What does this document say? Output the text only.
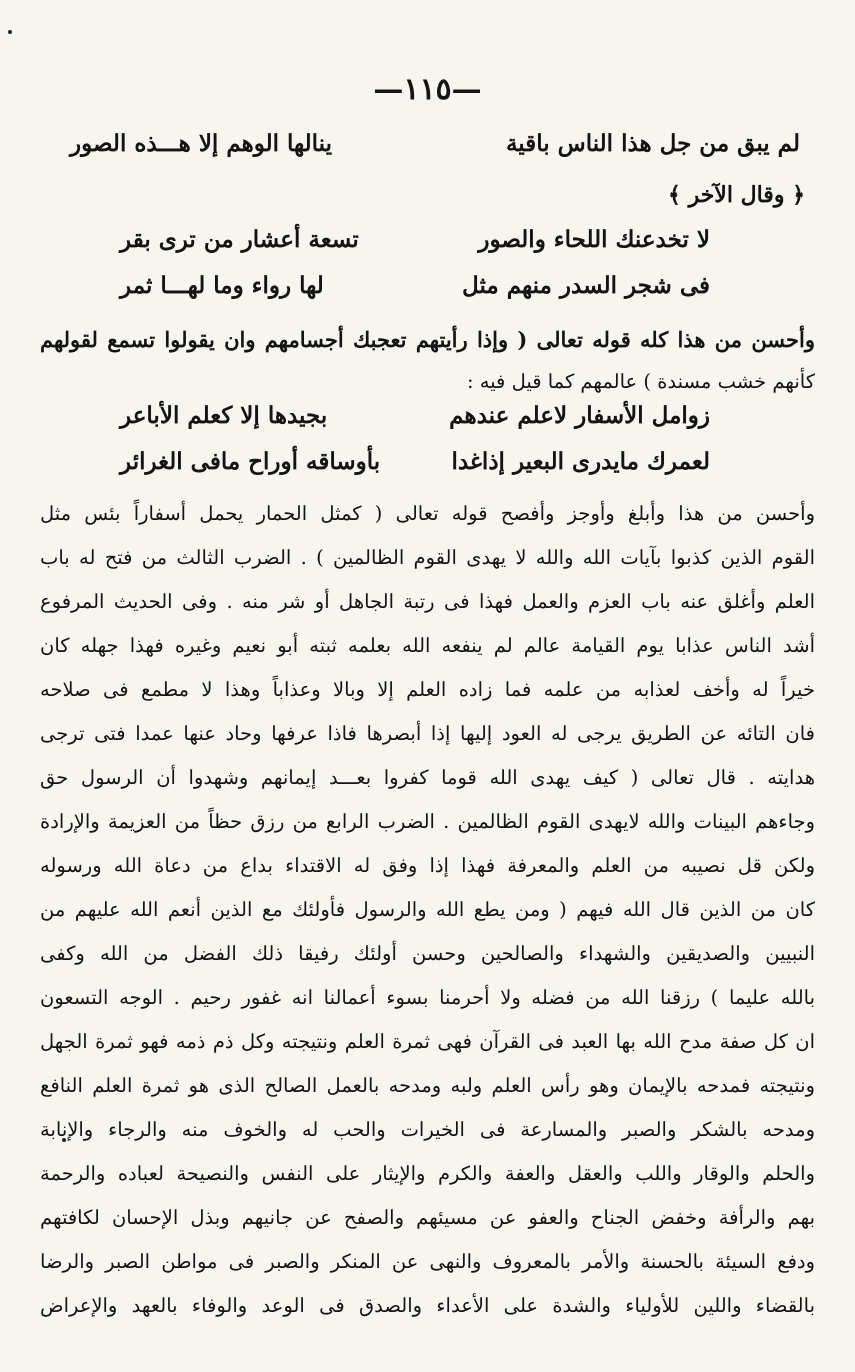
—١١٥—
لم يبق من جل هذا الناس باقية
ينالها الوهم إلا هـــذه الصور
﴿ وقال الآخر ﴾
لا تخدعنك اللحاء والصور
تسعة أعشار من ترى بقر
فى شجر السدر منهم مثل
لها رواء وما لهـــا ثمر
وأحسن من هذا كله قوله تعالى ( وإذا رأيتهم تعجبك أجسامهم وان يقولوا تسمع لقولهم
كأنهم خشب مسندة ) عالمهم كما قيل فيه :
زوامل الأسفار لاعلم عندهم
بجيدها إلا كعلم الأباعر
لعمرك مايدرى البعير إذاغدا
بأوساقه أوراح مافى الغرائر
وأحسن من هذا وأبلغ وأوجز وأفصح قوله تعالى ( كمثل الحمار يحمل أسفاراً بئس مثل
القوم الذين كذبوا بآيات الله والله لا يهدى القوم الظالمين ) . الضرب الثالث من فتح له باب
العلم وأغلق عنه باب العزم والعمل فهذا فى رتبة الجاهل أو شر منه . وفى الحديث المرفوع
أشد الناس عذابا يوم القيامة عالم لم ينفعه الله بعلمه ثبته أبو نعيم وغيره فهذا جهله كان
خيراً له وأخف لعذابه من علمه فما زاده العلم إلا وبالا وعذاباً وهذا لا مطمع فى صلاحه
فان التائه عن الطريق يرجى له العود إليها إذا أبصرها فاذا عرفها وحاد عنها عمدا فتى ترجى
هدايته . قال تعالى ( كيف يهدى الله قوما كفروا بعـــد إيمانهم وشهدوا أن الرسول حق
وجاءهم البينات والله لايهدى القوم الظالمين . الضرب الرابع من رزق حظاً من العزيمة والإرادة
ولكن قل نصيبه من العلم والمعرفة فهذا إذا وفق له الاقتداء بداع من دعاة الله ورسوله
كان من الذين قال الله فيهم ( ومن يطع الله والرسول فأولئك مع الذين أنعم الله عليهم من
النبيين والصديقين والشهداء والصالحين وحسن أولئك رفيقا ذلك الفضل من الله وكفى
بالله عليما ) رزقنا الله من فضله ولا أحرمنا بسوء أعمالنا انه غفور رحيم . الوجه التسعون
ان كل صفة مدح الله بها العبد فى القرآن فهى ثمرة العلم ونتيجته وكل ذم ذمه فهو ثمرة الجهل
ونتيجته فمدحه بالإيمان وهو رأس العلم ولبه ومدحه بالعمل الصالح الذى هو ثمرة العلم النافع
ومدحه بالشكر والصبر والمسارعة فى الخيرات والحب له والخوف منه والرجاء والإنابة
والحلم والوقار واللب والعقل والعفة والكرم والإيثار على النفس والنصيحة لعباده والرحمة
بهم والرأفة وخفض الجناح والعفو عن مسيئهم والصفح عن جانيهم وبذل الإحسان لكافتهم
ودفع السيئة بالحسنة والأمر بالمعروف والنهى عن المنكر والصبر فى مواطن الصبر والرضا
بالقضاء واللين للأولياء والشدة على الأعداء والصدق فى الوعد والوفاء بالعهد والإعراض
